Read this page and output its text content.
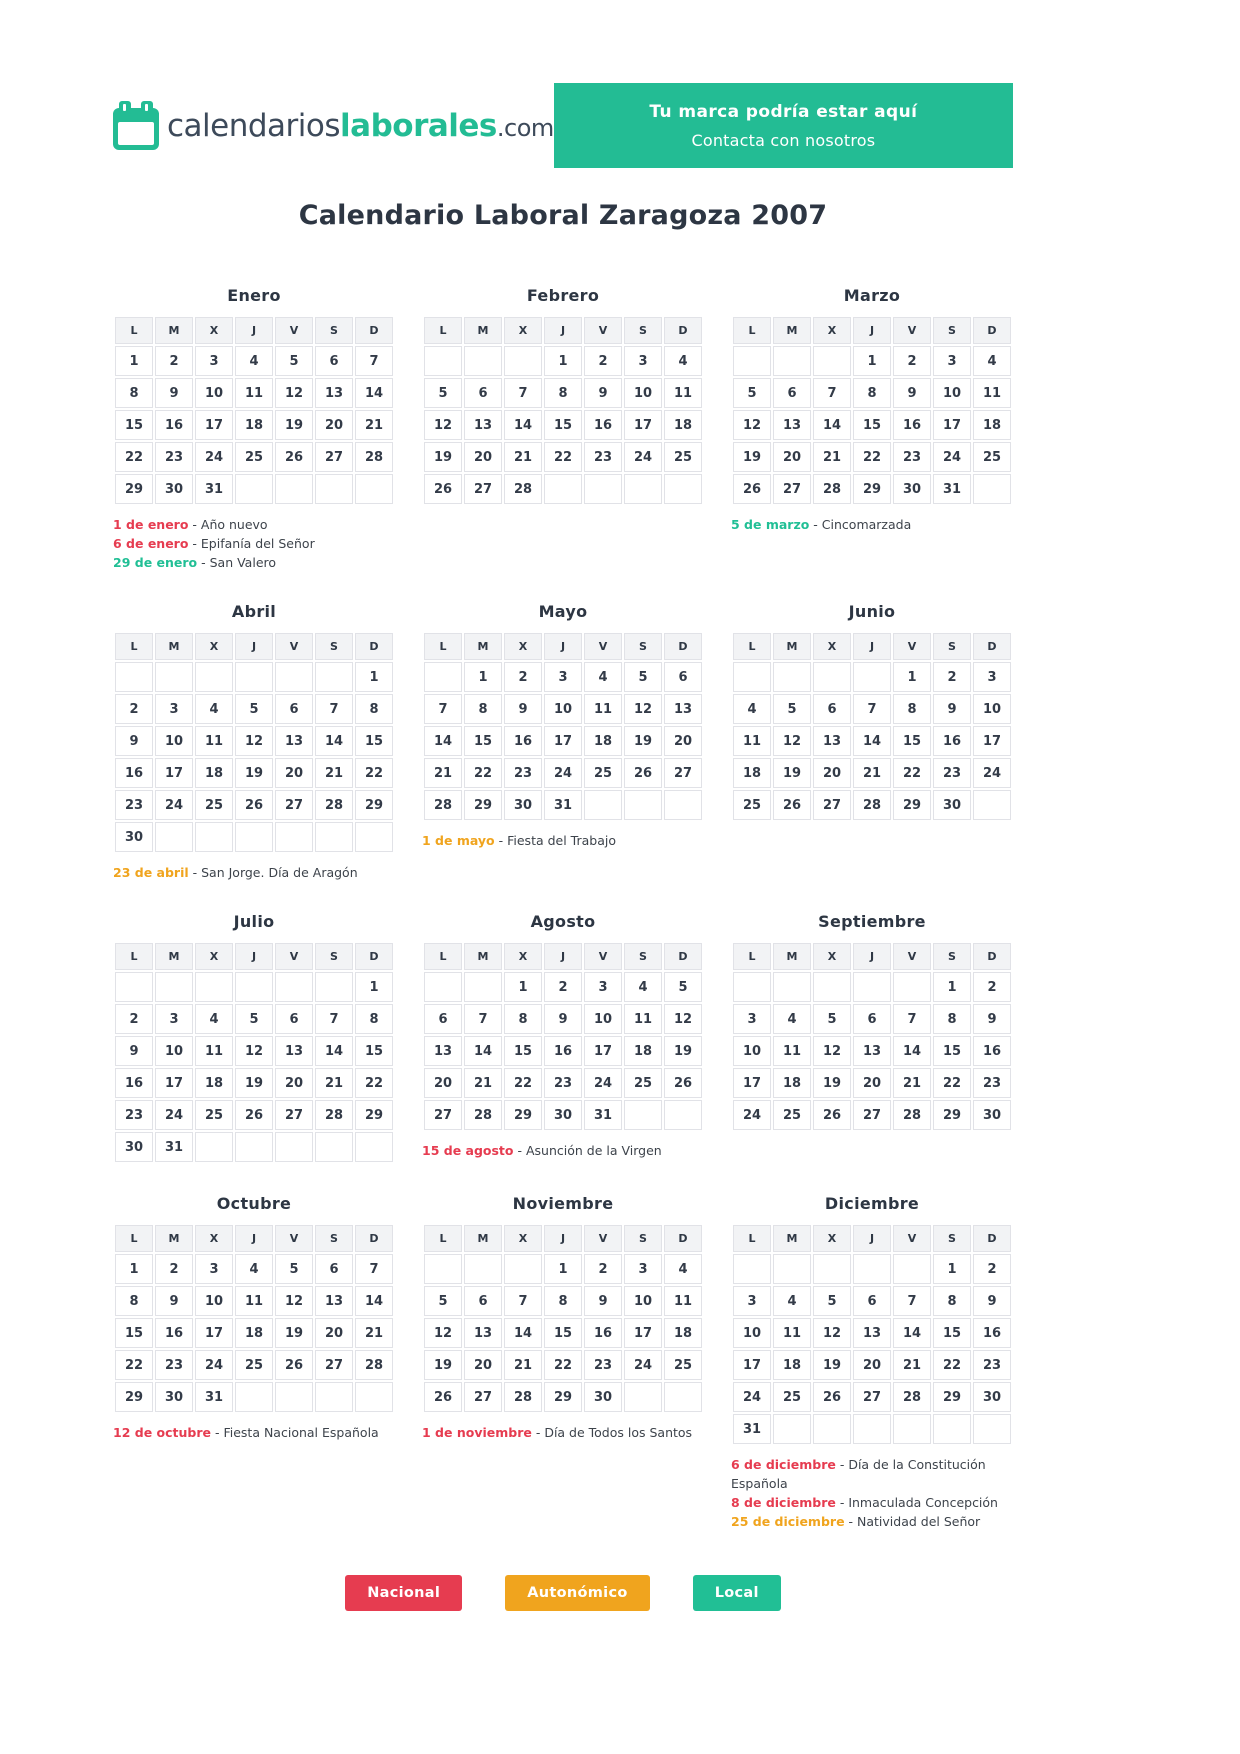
calendarioslaborales.com
Tu marca podría estar aquí
Contacta con nosotros
Calendario Laboral Zaragoza 2007
Enero
L	M	X	J	V	S	D
1	2	3	4	5	6	7
8	9	10	11	12	13	14
15	16	17	18	19	20	21
22	23	24	25	26	27	28
29	30	31				
1 de enero - Año nuevo
6 de enero - Epifanía del Señor
29 de enero - San Valero
Febrero
L	M	X	J	V	S	D
			1	2	3	4
5	6	7	8	9	10	11
12	13	14	15	16	17	18
19	20	21	22	23	24	25
26	27	28				
Marzo
L	M	X	J	V	S	D
			1	2	3	4
5	6	7	8	9	10	11
12	13	14	15	16	17	18
19	20	21	22	23	24	25
26	27	28	29	30	31	
5 de marzo - Cincomarzada
Abril
L	M	X	J	V	S	D
						1
2	3	4	5	6	7	8
9	10	11	12	13	14	15
16	17	18	19	20	21	22
23	24	25	26	27	28	29
30						
23 de abril - San Jorge. Día de Aragón
Mayo
L	M	X	J	V	S	D
	1	2	3	4	5	6
7	8	9	10	11	12	13
14	15	16	17	18	19	20
21	22	23	24	25	26	27
28	29	30	31			
1 de mayo - Fiesta del Trabajo
Junio
L	M	X	J	V	S	D
				1	2	3
4	5	6	7	8	9	10
11	12	13	14	15	16	17
18	19	20	21	22	23	24
25	26	27	28	29	30	
Julio
L	M	X	J	V	S	D
						1
2	3	4	5	6	7	8
9	10	11	12	13	14	15
16	17	18	19	20	21	22
23	24	25	26	27	28	29
30	31					
Agosto
L	M	X	J	V	S	D
		1	2	3	4	5
6	7	8	9	10	11	12
13	14	15	16	17	18	19
20	21	22	23	24	25	26
27	28	29	30	31		
15 de agosto - Asunción de la Virgen
Septiembre
L	M	X	J	V	S	D
					1	2
3	4	5	6	7	8	9
10	11	12	13	14	15	16
17	18	19	20	21	22	23
24	25	26	27	28	29	30
Octubre
L	M	X	J	V	S	D
1	2	3	4	5	6	7
8	9	10	11	12	13	14
15	16	17	18	19	20	21
22	23	24	25	26	27	28
29	30	31				
12 de octubre - Fiesta Nacional Española
Noviembre
L	M	X	J	V	S	D
			1	2	3	4
5	6	7	8	9	10	11
12	13	14	15	16	17	18
19	20	21	22	23	24	25
26	27	28	29	30		
1 de noviembre - Día de Todos los Santos
Diciembre
L	M	X	J	V	S	D
					1	2
3	4	5	6	7	8	9
10	11	12	13	14	15	16
17	18	19	20	21	22	23
24	25	26	27	28	29	30
31						
6 de diciembre - Día de la Constitución Española
8 de diciembre - Inmaculada Concepción
25 de diciembre - Natividad del Señor
Nacional	Autonómico	Local
